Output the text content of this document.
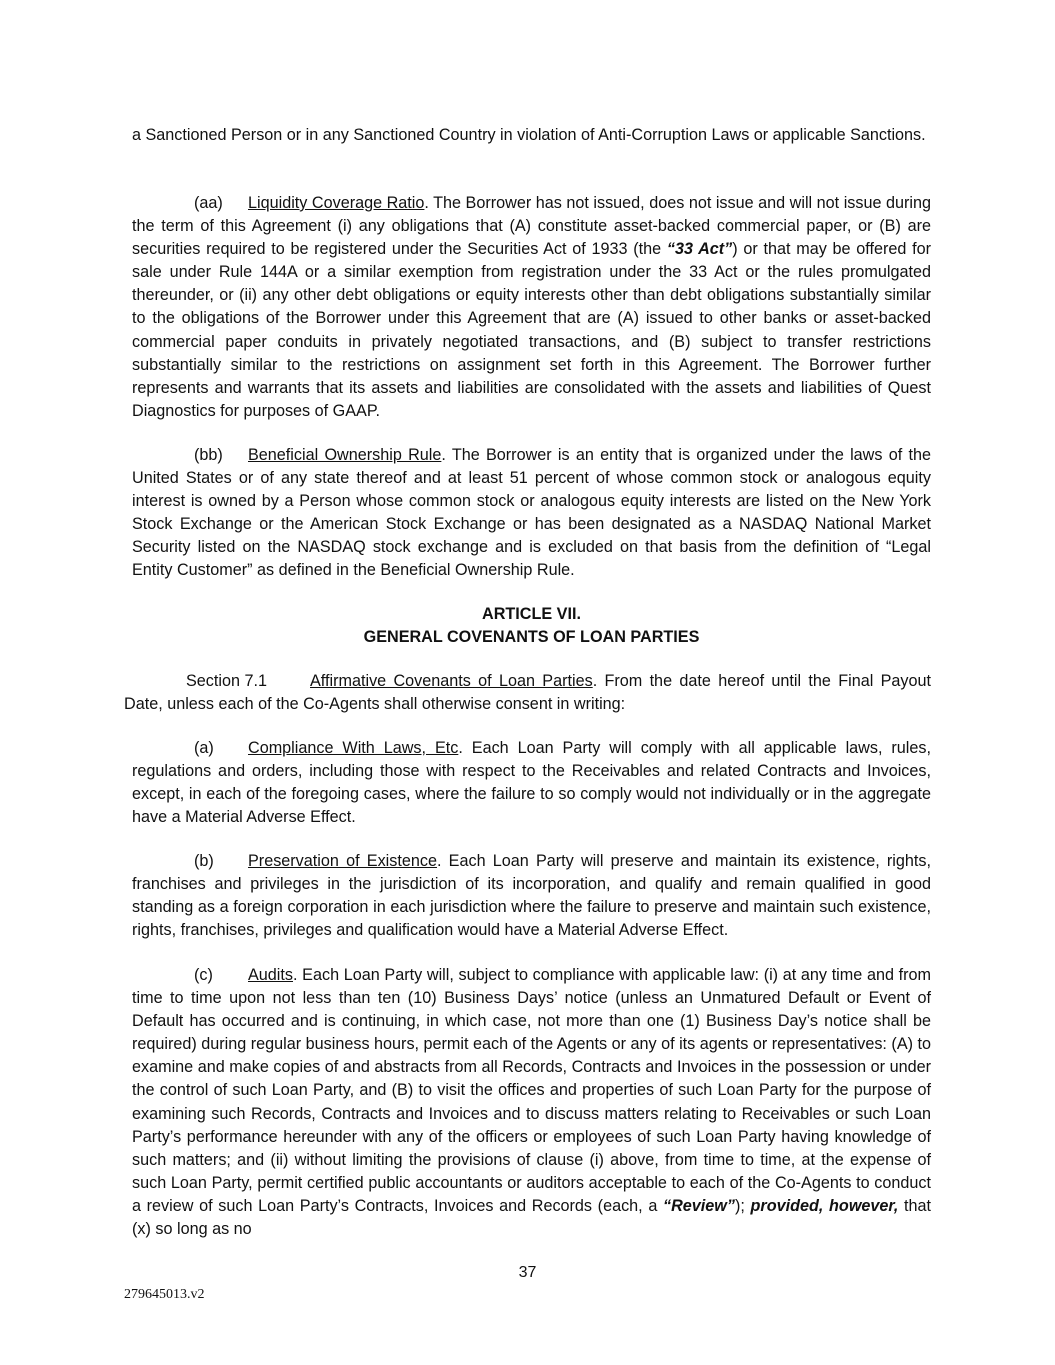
a Sanctioned Person or in any Sanctioned Country in violation of Anti-Corruption Laws or applicable Sanctions.

(aa) Liquidity Coverage Ratio. The Borrower has not issued, does not issue and will not issue during the term of this Agreement (i) any obligations that (A) constitute asset-backed commercial paper, or (B) are securities required to be registered under the Securities Act of 1933 (the “33 Act”) or that may be offered for sale under Rule 144A or a similar exemption from registration under the 33 Act or the rules promulgated thereunder, or (ii) any other debt obligations or equity interests other than debt obligations substantially similar to the obligations of the Borrower under this Agreement that are (A) issued to other banks or asset-backed commercial paper conduits in privately negotiated transactions, and (B) subject to transfer restrictions substantially similar to the restrictions on assignment set forth in this Agreement. The Borrower further represents and warrants that its assets and liabilities are consolidated with the assets and liabilities of Quest Diagnostics for purposes of GAAP.

(bb) Beneficial Ownership Rule. The Borrower is an entity that is organized under the laws of the United States or of any state thereof and at least 51 percent of whose common stock or analogous equity interest is owned by a Person whose common stock or analogous equity interests are listed on the New York Stock Exchange or the American Stock Exchange or has been designated as a NASDAQ National Market Security listed on the NASDAQ stock exchange and is excluded on that basis from the definition of “Legal Entity Customer” as defined in the Beneficial Ownership Rule.

ARTICLE VII.

GENERAL COVENANTS OF LOAN PARTIES

Section 7.1	Affirmative Covenants of Loan Parties. From the date hereof until the Final Payout Date, unless each of the Co-Agents shall otherwise consent in writing:

(a) Compliance With Laws, Etc. Each Loan Party will comply with all applicable laws, rules, regulations and orders, including those with respect to the Receivables and related Contracts and Invoices, except, in each of the foregoing cases, where the failure to so comply would not individually or in the aggregate have a Material Adverse Effect.

(b) Preservation of Existence. Each Loan Party will preserve and maintain its existence, rights, franchises and privileges in the jurisdiction of its incorporation, and qualify and remain qualified in good standing as a foreign corporation in each jurisdiction where the failure to preserve and maintain such existence, rights, franchises, privileges and qualification would have a Material Adverse Effect.

(c) Audits. Each Loan Party will, subject to compliance with applicable law: (i) at any time and from time to time upon not less than ten (10) Business Days’ notice (unless an Unmatured Default or Event of Default has occurred and is continuing, in which case, not more than one (1) Business Day’s notice shall be required) during regular business hours, permit each of the Agents or any of its agents or representatives: (A) to examine and make copies of and abstracts from all Records, Contracts and Invoices in the possession or under the control of such Loan Party, and (B) to visit the offices and properties of such Loan Party for the purpose of examining such Records, Contracts and Invoices and to discuss matters relating to Receivables or such Loan Party’s performance hereunder with any of the officers or employees of such Loan Party having knowledge of such matters; and (ii) without limiting the provisions of clause (i) above, from time to time, at the expense of such Loan Party, permit certified public accountants or auditors acceptable to each of the Co-Agents to conduct a review of such Loan Party’s Contracts, Invoices and Records (each, a “Review”); provided, however, that (x) so long as no

37
279645013.v2
